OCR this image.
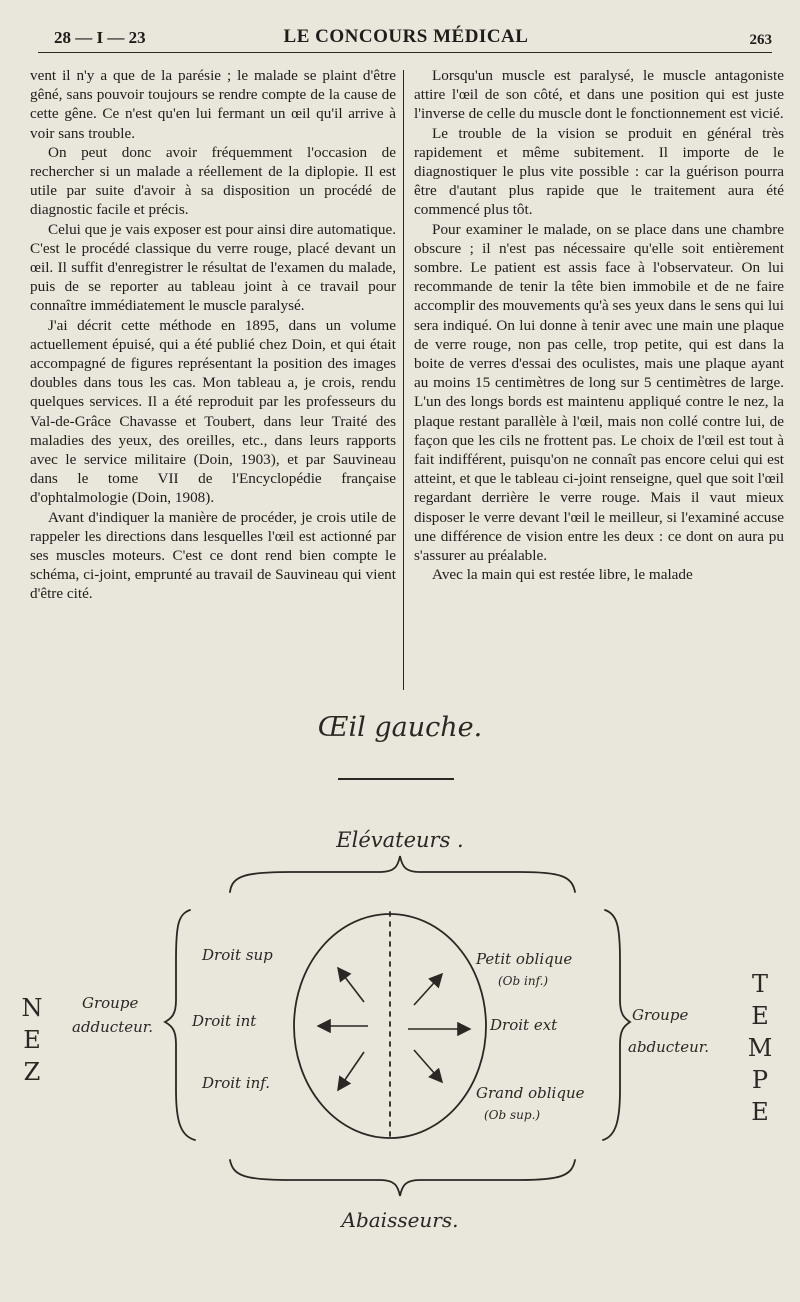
28 — I — 23	LE CONCOURS MÉDICAL	263

vent il n'y a que de la parésie ; le malade se plaint d'être gêné, sans pouvoir toujours se rendre compte de la cause de cette gêne. Ce n'est qu'en lui fermant un œil qu'il arrive à voir sans trouble.

On peut donc avoir fréquemment l'occasion de rechercher si un malade a réellement de la diplopie. Il est utile par suite d'avoir à sa disposition un procédé de diagnostic facile et précis.

Celui que je vais exposer est pour ainsi dire automatique. C'est le procédé classique du verre rouge, placé devant un œil. Il suffit d'enregistrer le résultat de l'examen du malade, puis de se reporter au tableau joint à ce travail pour connaître immédiatement le muscle paralysé.

J'ai décrit cette méthode en 1895, dans un volume actuellement épuisé, qui a été publié chez Doin, et qui était accompagné de figures représentant la position des images doubles dans tous les cas. Mon tableau a, je crois, rendu quelques services. Il a été reproduit par les professeurs du Val-de-Grâce Chavasse et Toubert, dans leur Traité des maladies des yeux, des oreilles, etc., dans leurs rapports avec le service militaire (Doin, 1903), et par Sauvineau dans le tome VII de l'Encyclopédie française d'ophtalmologie (Doin, 1908).

Avant d'indiquer la manière de procéder, je crois utile de rappeler les directions dans lesquelles l'œil est actionné par ses muscles moteurs. C'est ce dont rend bien compte le schéma, ci-joint, emprunté au travail de Sauvineau qui vient d'être cité.

Lorsqu'un muscle est paralysé, le muscle antagoniste attire l'œil de son côté, et dans une position qui est juste l'inverse de celle du muscle dont le fonctionnement est vicié.

Le trouble de la vision se produit en général très rapidement et même subitement. Il importe de le diagnostiquer le plus vite possible : car la guérison pourra être d'autant plus rapide que le traitement aura été commencé plus tôt.

Pour examiner le malade, on se place dans une chambre obscure ; il n'est pas nécessaire qu'elle soit entièrement sombre. Le patient est assis face à l'observateur. On lui recommande de tenir la tête bien immobile et de ne faire accomplir des mouvements qu'à ses yeux dans le sens qui lui sera indiqué. On lui donne à tenir avec une main une plaque de verre rouge, non pas celle, trop petite, qui est dans la boite de verres d'essai des oculistes, mais une plaque ayant au moins 15 centimètres de long sur 5 centimètres de large. L'un des longs bords est maintenu appliqué contre le nez, la plaque restant parallèle à l'œil, mais non collé contre lui, de façon que les cils ne frottent pas. Le choix de l'œil est tout à fait indifférent, puisqu'on ne connaît pas encore celui qui est atteint, et que le tableau ci-joint renseigne, quel que soit l'œil regardant derrière le verre rouge. Mais il vaut mieux disposer le verre devant l'œil le meilleur, si l'examiné accuse une différence de vision entre les deux : ce dont on aura pu s'assurer au préalable.

Avec la main qui est restée libre, le malade

Œil gauche.
Elévateurs .
NEZ	TEMPE
Groupe
adducteur.
Groupe
abducteur.
Droit sup
Droit int
Droit inf.
Petit oblique
(Ob inf.)
Droit ext
Grand oblique
(Ob sup.)
Abaisseurs.
